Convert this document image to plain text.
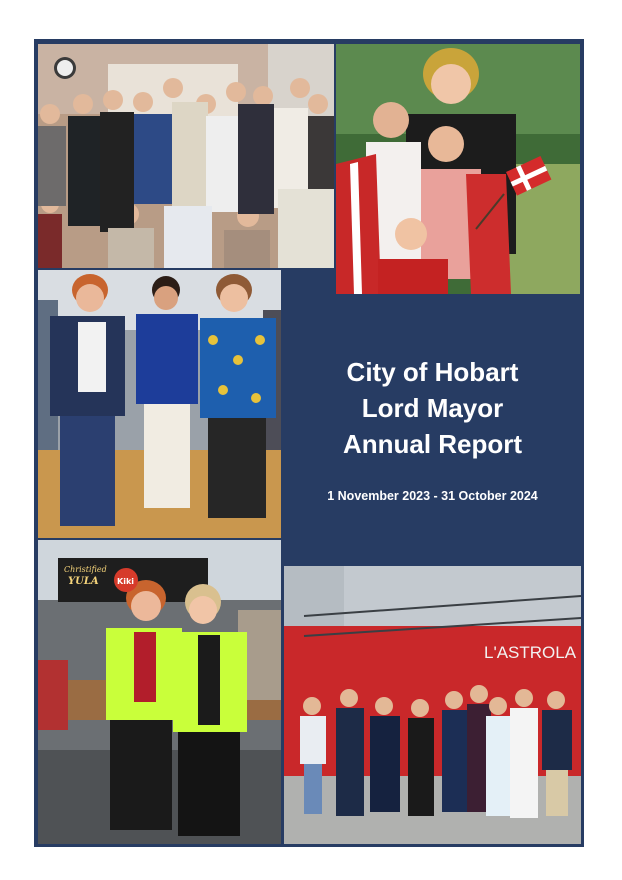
City of Hobart
Lord Mayor
Annual Report
1 November 2023 - 31 October 2024
Christified
YULA Kiki
L'ASTROLA
